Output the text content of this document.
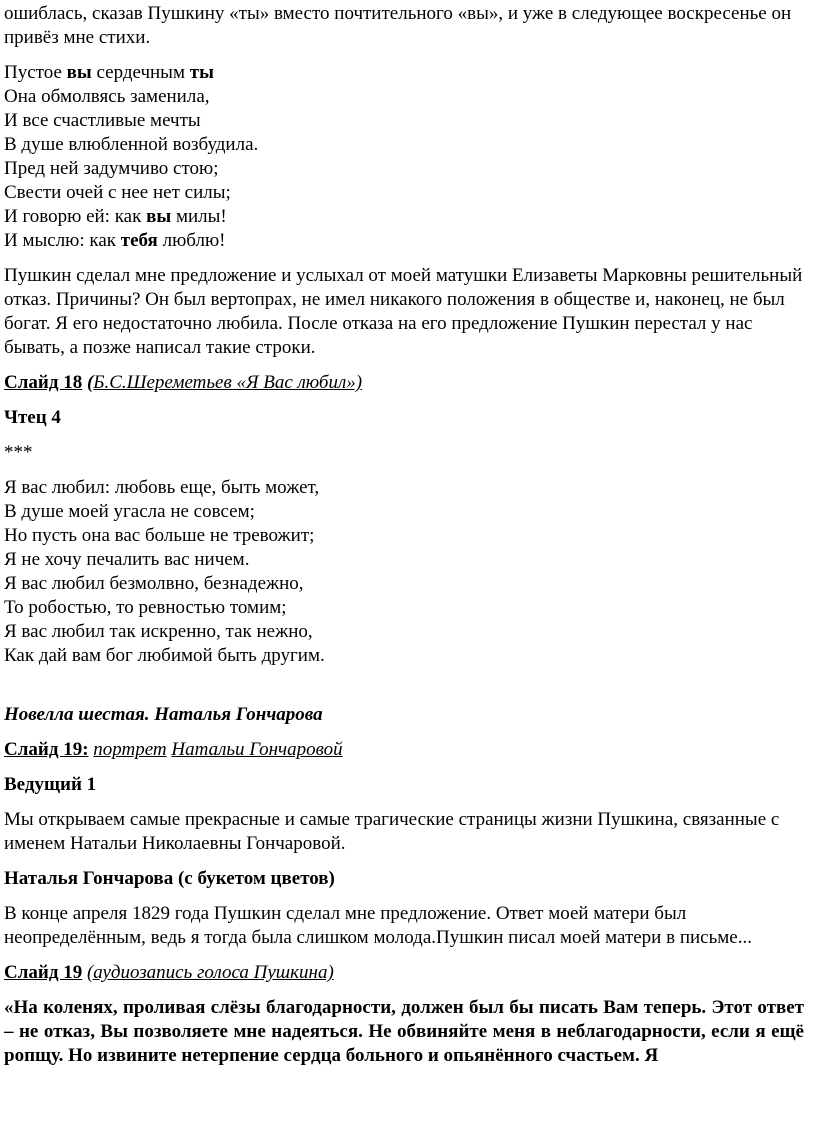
ошиблась, сказав Пушкину «ты» вместо почтительного «вы», и уже в следующее воскресенье он привёз мне стихи.

Пустое вы сердечным ты
Она обмолвясь заменила,
И все счастливые мечты
В душе влюбленной возбудила.
Пред ней задумчиво стою;
Свести очей с нее нет силы;
И говорю ей: как вы милы!
И мыслю: как тебя люблю!

Пушкин сделал мне предложение и услыхал от моей матушки Елизаветы Марковны решительный отказ. Причины? Он был вертопрах, не имел никакого положения в обществе и, наконец, не был богат. Я его недостаточно любила. После отказа на его предложение Пушкин перестал у нас бывать, а позже написал такие строки.

Слайд 18 (Б.С.Шереметьев «Я Вас любил»)

Чтец 4

***

Я вас любил: любовь еще, быть может,
В душе моей угасла не совсем;
Но пусть она вас больше не тревожит;
Я не хочу печалить вас ничем.
Я вас любил безмолвно, безнадежно,
То робостью, то ревностью томим;
Я вас любил так искренно, так нежно,
Как дай вам бог любимой быть другим.

Новелла шестая. Наталья Гончарова

Слайд 19: портрет Натальи Гончаровой

Ведущий 1

Мы открываем самые прекрасные и самые трагические страницы жизни Пушкина, связанные с именем Натальи Николаевны Гончаровой.

Наталья Гончарова (с букетом цветов)

В конце апреля 1829 года Пушкин сделал мне предложение. Ответ моей матери был неопределённым, ведь я тогда была слишком молода.Пушкин писал моей матери в письме...

Слайд 19 (аудиозапись голоса Пушкина)

«На коленях, проливая слёзы благодарности, должен был бы писать Вам теперь. Этот ответ – не отказ, Вы позволяете мне надеяться. Не обвиняйте меня в неблагодарности, если я ещё ропщу. Но извините нетерпение сердца больного и опьянённого счастьем. Я
